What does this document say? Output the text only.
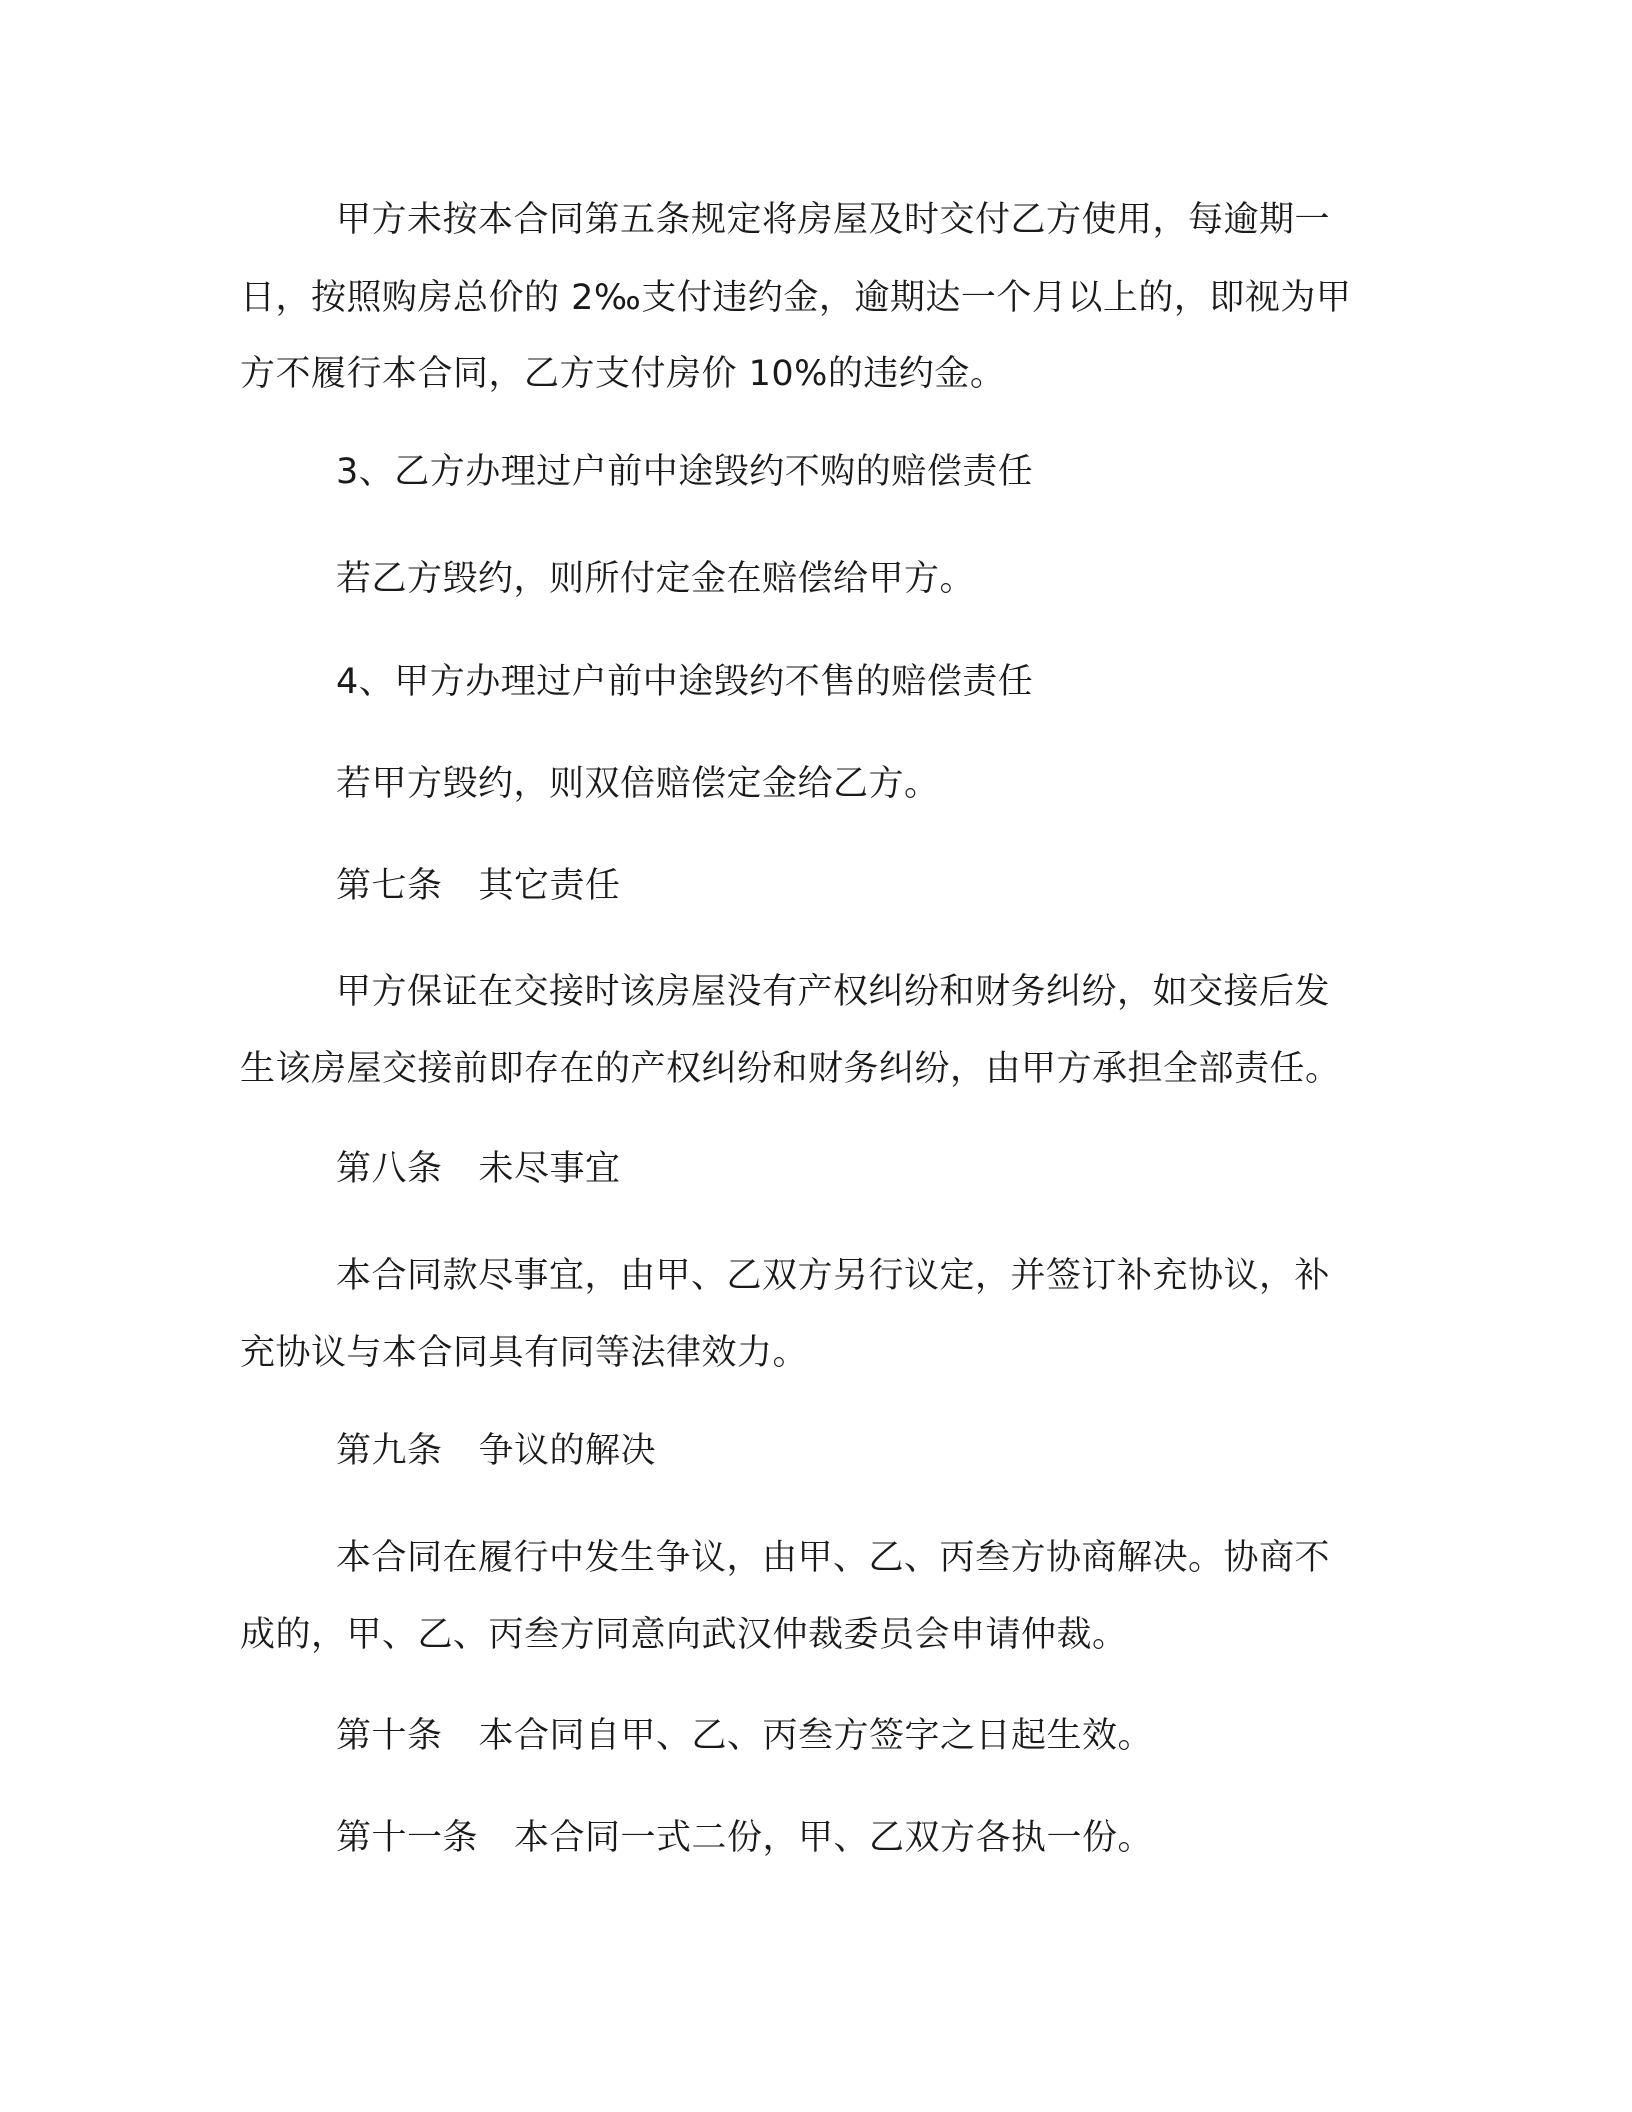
甲方未按本合同第五条规定将房屋及时交付乙方使用，每逾期一
日，按照购房总价的 2‰支付违约金，逾期达一个月以上的，即视为甲
方不履行本合同，乙方支付房价 10%的违约金。
3、乙方办理过户前中途毁约不购的赔偿责任
若乙方毁约，则所付定金在赔偿给甲方。
4、甲方办理过户前中途毁约不售的赔偿责任
若甲方毁约，则双倍赔偿定金给乙方。
第七条 其它责任
甲方保证在交接时该房屋没有产权纠纷和财务纠纷，如交接后发
生该房屋交接前即存在的产权纠纷和财务纠纷，由甲方承担全部责任。
第八条 未尽事宜
本合同款尽事宜，由甲、乙双方另行议定，并签订补充协议，补
充协议与本合同具有同等法律效力。
第九条 争议的解决
本合同在履行中发生争议，由甲、乙、丙叁方协商解决。协商不
成的，甲、乙、丙叁方同意向武汉仲裁委员会申请仲裁。
第十条 本合同自甲、乙、丙叁方签字之日起生效。
第十一条 本合同一式二份，甲、乙双方各执一份。
